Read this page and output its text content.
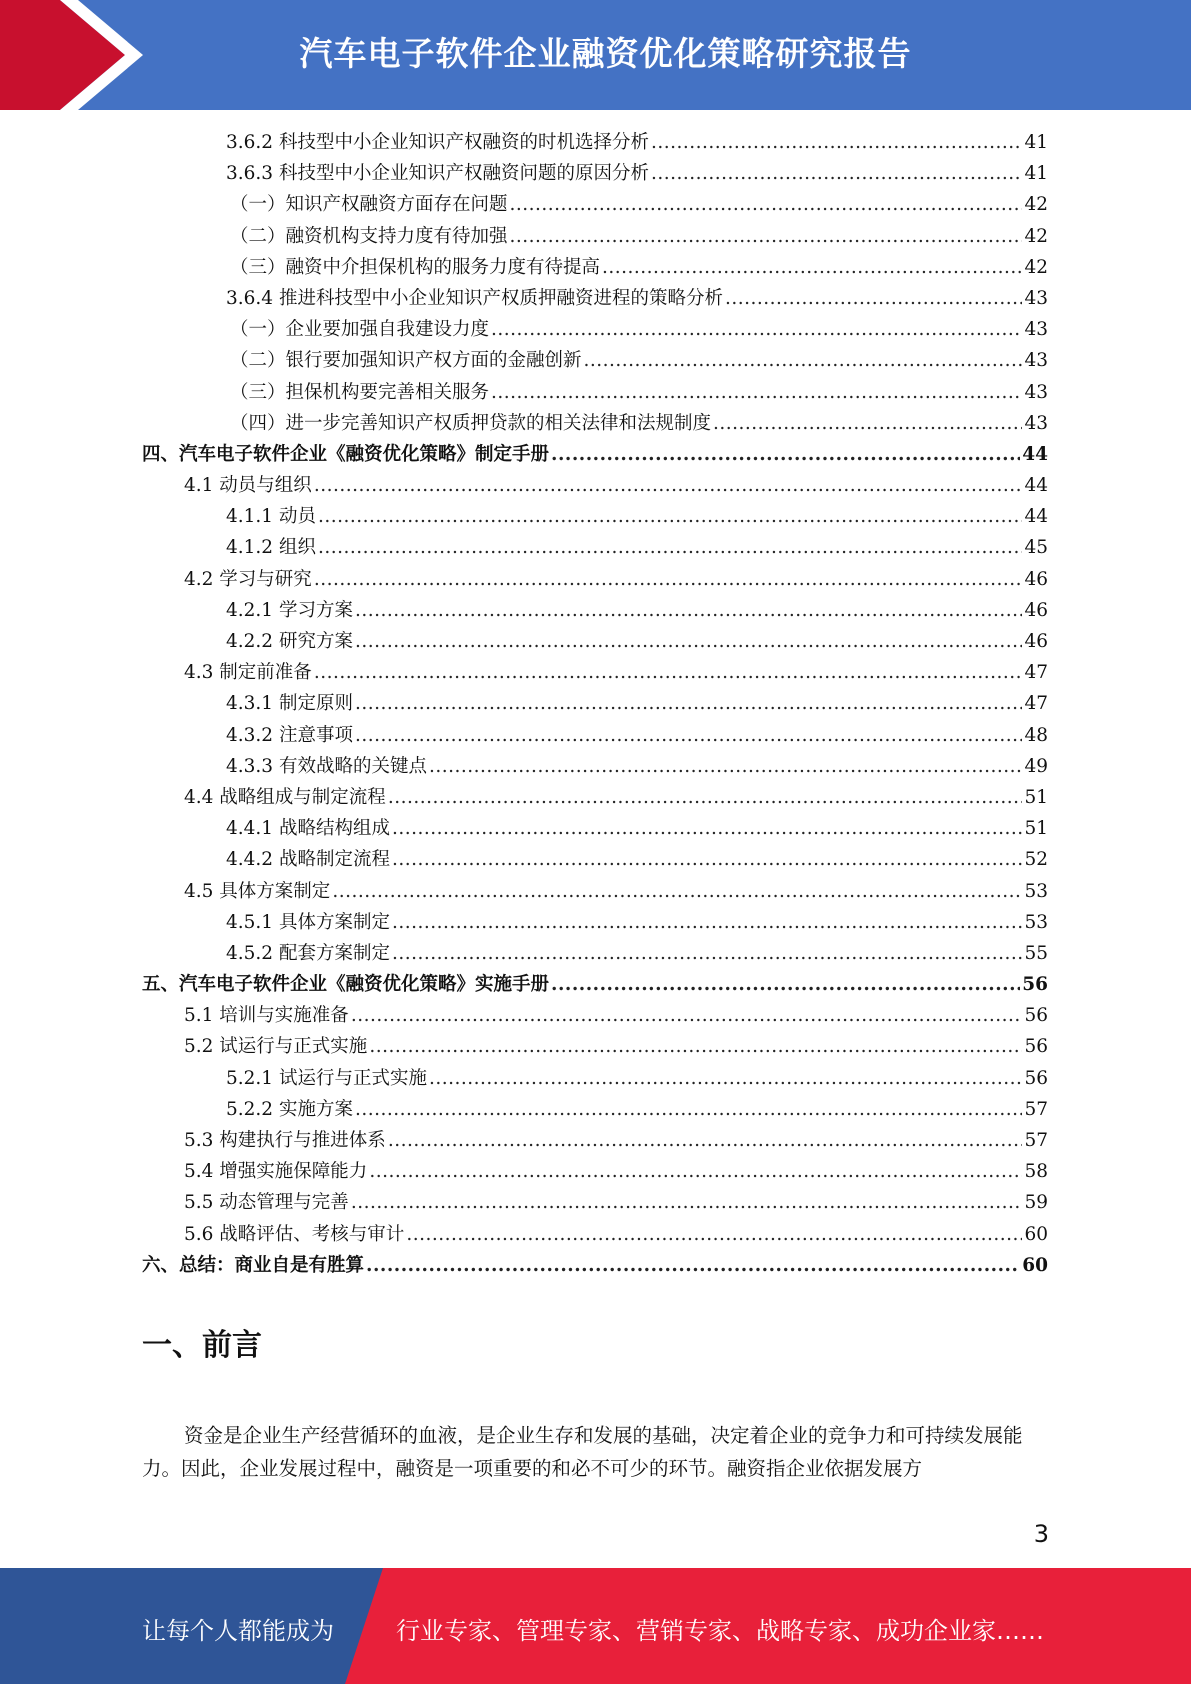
汽车电子软件企业融资优化策略研究报告
3.6.2 科技型中小企业知识产权融资的时机选择分析 .....	41
3.6.3 科技型中小企业知识产权融资问题的原因分析 .....	41
（一）知识产权融资方面存在问题 .....	42
（二）融资机构支持力度有待加强 .....	42
（三）融资中介担保机构的服务力度有待提高 .....	42
3.6.4 推进科技型中小企业知识产权质押融资进程的策略分析 .....	43
（一）企业要加强自我建设力度 .....	43
（二）银行要加强知识产权方面的金融创新 .....	43
（三）担保机构要完善相关服务 .....	43
（四）进一步完善知识产权质押贷款的相关法律和法规制度 .....	43
四、汽车电子软件企业《融资优化策略》制定手册 .....	44
4.1 动员与组织 .....	44
4.1.1 动员 .....	44
4.1.2 组织 .....	45
4.2 学习与研究 .....	46
4.2.1 学习方案 .....	46
4.2.2 研究方案 .....	46
4.3 制定前准备 .....	47
4.3.1 制定原则 .....	47
4.3.2 注意事项 .....	48
4.3.3 有效战略的关键点 .....	49
4.4 战略组成与制定流程 .....	51
4.4.1 战略结构组成 .....	51
4.4.2 战略制定流程 .....	52
4.5 具体方案制定 .....	53
4.5.1 具体方案制定 .....	53
4.5.2 配套方案制定 .....	55
五、汽车电子软件企业《融资优化策略》实施手册 .....	56
5.1 培训与实施准备 .....	56
5.2 试运行与正式实施 .....	56
5.2.1 试运行与正式实施 .....	56
5.2.2 实施方案 .....	57
5.3 构建执行与推进体系 .....	57
5.4 增强实施保障能力 .....	58
5.5 动态管理与完善 .....	59
5.6 战略评估、考核与审计 .....	60
六、总结：商业自是有胜算 .....	60
一、前言

资金是企业生产经营循环的血液，是企业生存和发展的基础，决定着企业的竞争力和可持续发展能力。因此，企业发展过程中，融资是一项重要的和必不可少的环节。融资指企业依据发展方

3
让每个人都能成为	行业专家、管理专家、营销专家、战略专家、成功企业家……
